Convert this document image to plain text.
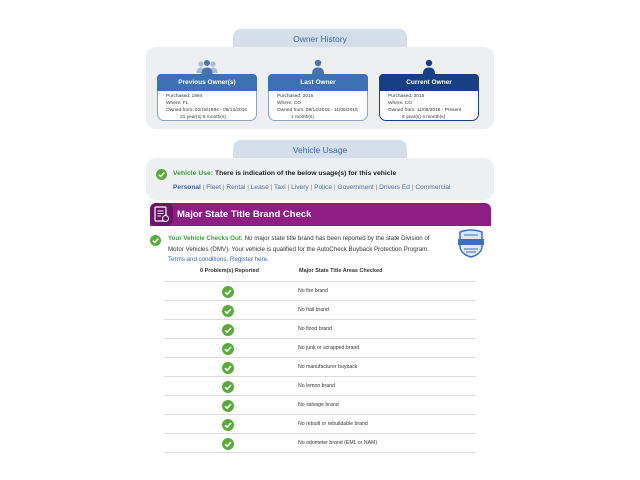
Owner History
Previous Owner(s)
Purchased: 1994
Where: FL
Owned from: 02/18/1994 - 09/14/2015
21 year(s) 8 month(s)
Last Owner
Purchased: 2015
Where: CO
Owned from: 09/14/2015 - 11/06/2015
1 month(s)
Current Owner
Purchased: 2015
Where: CO
Owned from: 11/06/2015 - Present
6 year(s) 4 month(s)
Vehicle Usage
Vehicle Use: There is indication of the below usage(s) for this vehicle
Personal | Fleet | Rental | Lease | Taxi | Livery | Police | Government | Drivers Ed | Commercial
Major State Title Brand Check
Your Vehicle Checks Out: No major state title brand has been reported by the state Division of Motor Vehicles (DMV). Your vehicle is qualified for the AutoCheck Buyback Protection Program. Terms and conditions. Register here.
0 Problem(s) Reported	Major State Title Areas Checked
No fire brand
No hail brand
No flood brand
No junk or scrapped brand
No manufacturer buyback
No lemon brand
No salvage brand
No rebuilt or rebuildable brand
No odometer brand (EML or NAM)
